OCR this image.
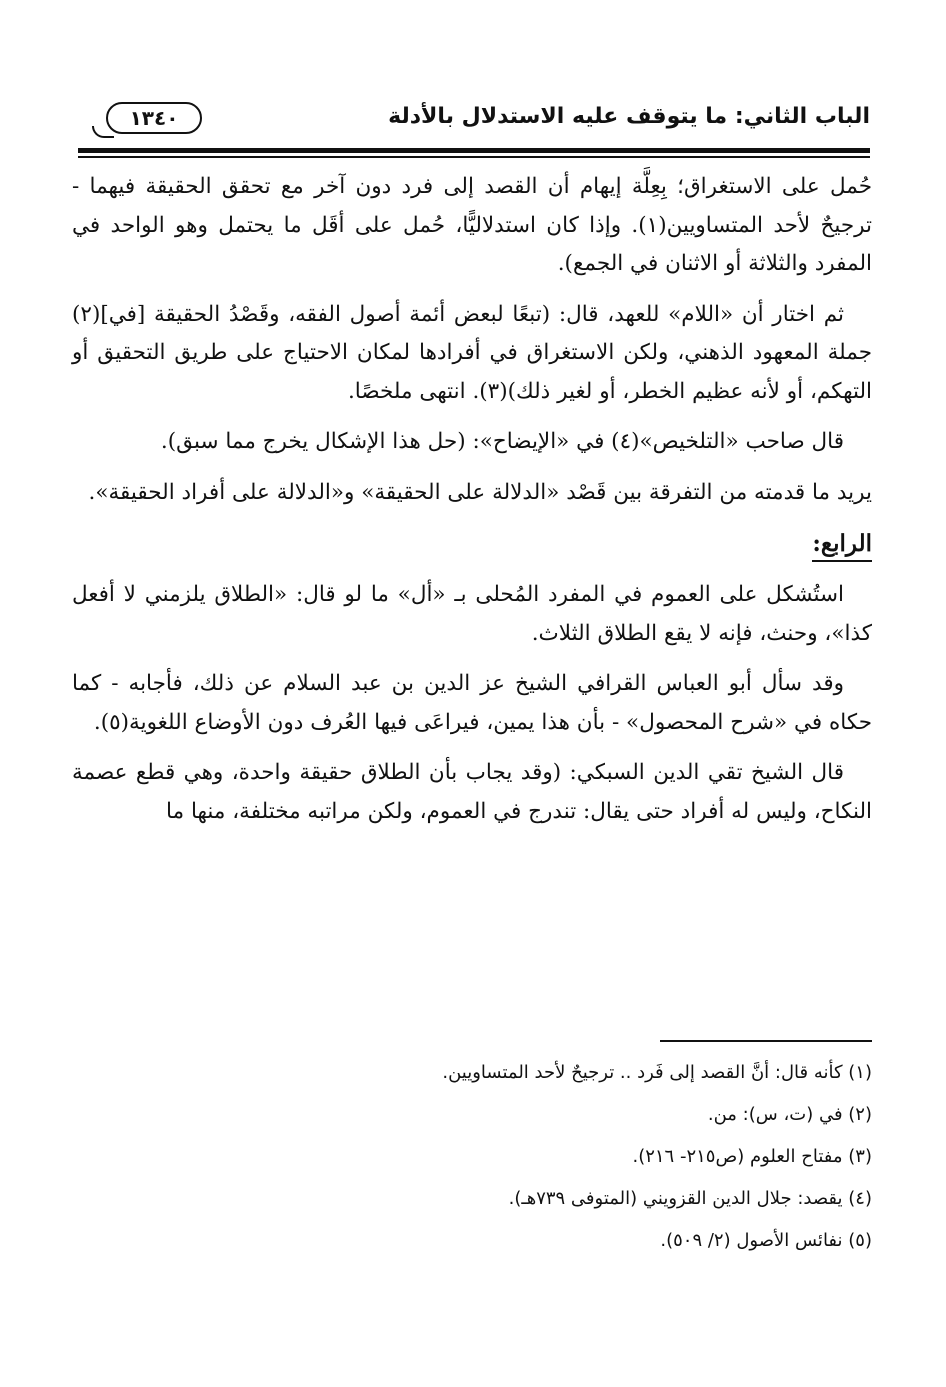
الباب الثاني: ما يتوقف عليه الاستدلال بالأدلة
١٣٤٠

حُمل على الاستغراق؛ بِعِلَّة إيهام أن القصد إلى فرد دون آخر مع تحقق الحقيقة فيهما - ترجيحٌ لأحد المتساويين(١). وإذا كان استدلاليًّا، حُمل على أقَل ما يحتمل وهو الواحد في المفرد والثلاثة أو الاثنان في الجمع).

ثم اختار أن «اللام» للعهد، قال: (تبعًا لبعض أئمة أصول الفقه، وقَصْدُ الحقيقة [في](٢) جملة المعهود الذهني، ولكن الاستغراق في أفرادها لمكان الاحتياج على طريق التحقيق أو التهكم، أو لأنه عظيم الخطر، أو لغير ذلك)(٣). انتهى ملخصًا.

قال صاحب «التلخيص»(٤) في «الإيضاح»: (حل هذا الإشكال يخرج مما سبق).

يريد ما قدمته من التفرقة بين قَصْد «الدلالة على الحقيقة» و«الدلالة على أفراد الحقيقة».

الرابع:

استُشكل على العموم في المفرد المُحلى بـ «أل» ما لو قال: «الطلاق يلزمني لا أفعل كذا»، وحنث، فإنه لا يقع الطلاق الثلاث.

وقد سأل أبو العباس القرافي الشيخ عز الدين بن عبد السلام عن ذلك، فأجابه - كما حكاه في «شرح المحصول» - بأن هذا يمين، فيراعَى فيها العُرف دون الأوضاع اللغوية(٥).

قال الشيخ تقي الدين السبكي: (وقد يجاب بأن الطلاق حقيقة واحدة، وهي قطع عصمة النكاح، وليس له أفراد حتى يقال: تندرج في العموم، ولكن مراتبه مختلفة، منها ما

(١) كأنه قال: أنَّ القصد إلى فَرد .. ترجيحٌ لأحد المتساويين.
(٢) في (ت، س): من.
(٣) مفتاح العلوم (ص٢١٥- ٢١٦).
(٤) يقصد: جلال الدين القزويني (المتوفى ٧٣٩هـ).
(٥) نفائس الأصول (٢/ ٥٠٩).
